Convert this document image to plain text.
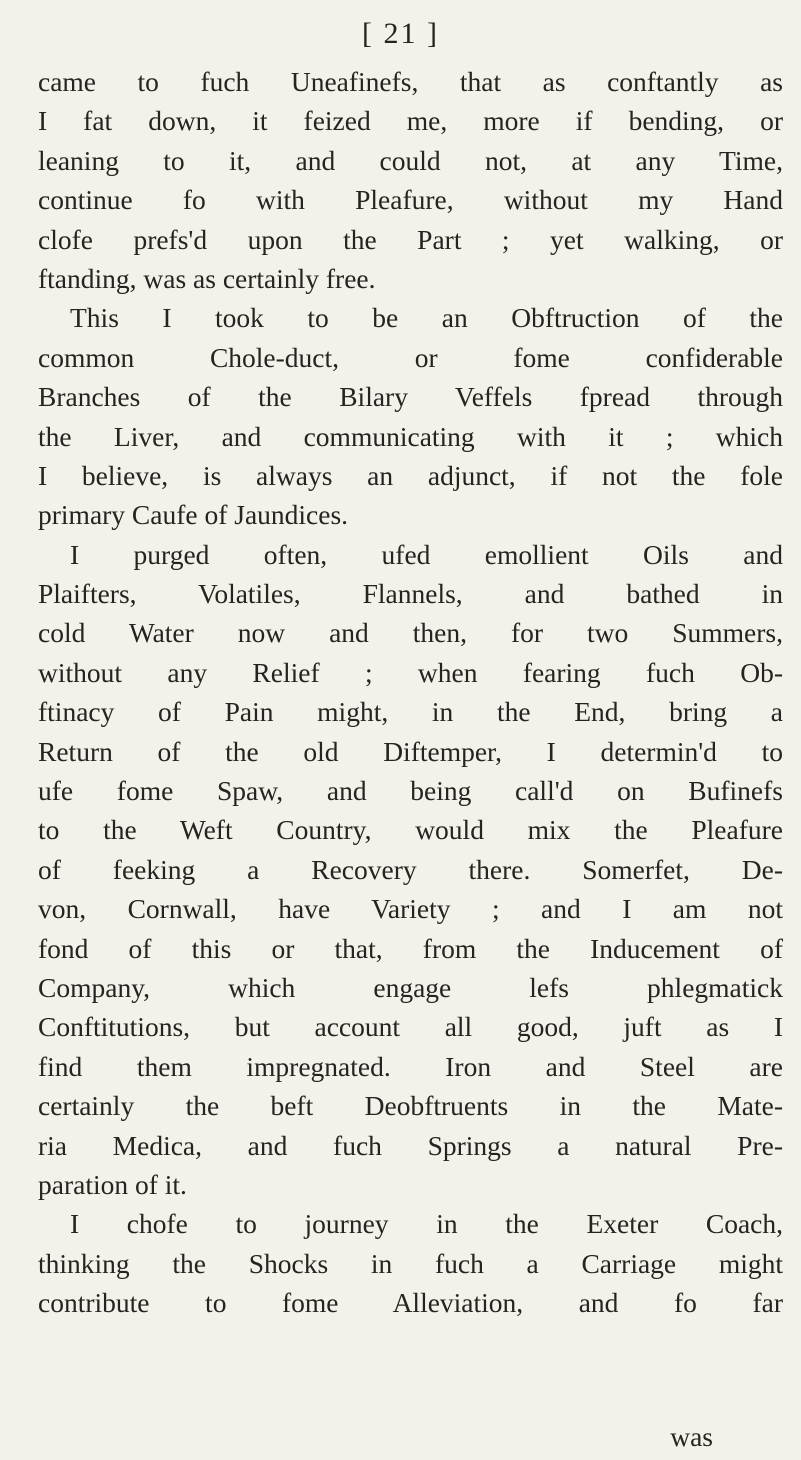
[ 21 ]
came to fuch Uneafinefs, that as conftantly as
I fat down, it feized me, more if bending, or
leaning to it, and could not, at any Time,
continue fo with Pleafure, without my Hand
clofe prefs'd upon the Part ; yet walking, or
ftanding, was as certainly free.
This I took to be an Obftruction of the
common Chole-duct, or fome confiderable
Branches of the Bilary Veffels fpread through
the Liver, and communicating with it ; which
I believe, is always an adjunct, if not the fole
primary Caufe of Jaundices.
I purged often, ufed emollient Oils and
Plaifters, Volatiles, Flannels, and bathed in
cold Water now and then, for two Summers,
without any Relief ; when fearing fuch Ob-
ftinacy of Pain might, in the End, bring a
Return of the old Diftemper, I determin'd to
ufe fome Spaw, and being call'd on Bufinefs
to the Weft Country, would mix the Pleafure
of feeking a Recovery there. Somerfet, De-
von, Cornwall, have Variety ; and I am not
fond of this or that, from the Inducement of
Company, which engage lefs phlegmatick
Conftitutions, but account all good, juft as I
find them impregnated. Iron and Steel are
certainly the beft Deobftruents in the Mate-
ria Medica, and fuch Springs a natural Pre-
paration of it.
I chofe to journey in the Exeter Coach,
thinking the Shocks in fuch a Carriage might
contribute to fome Alleviation, and fo far
was
